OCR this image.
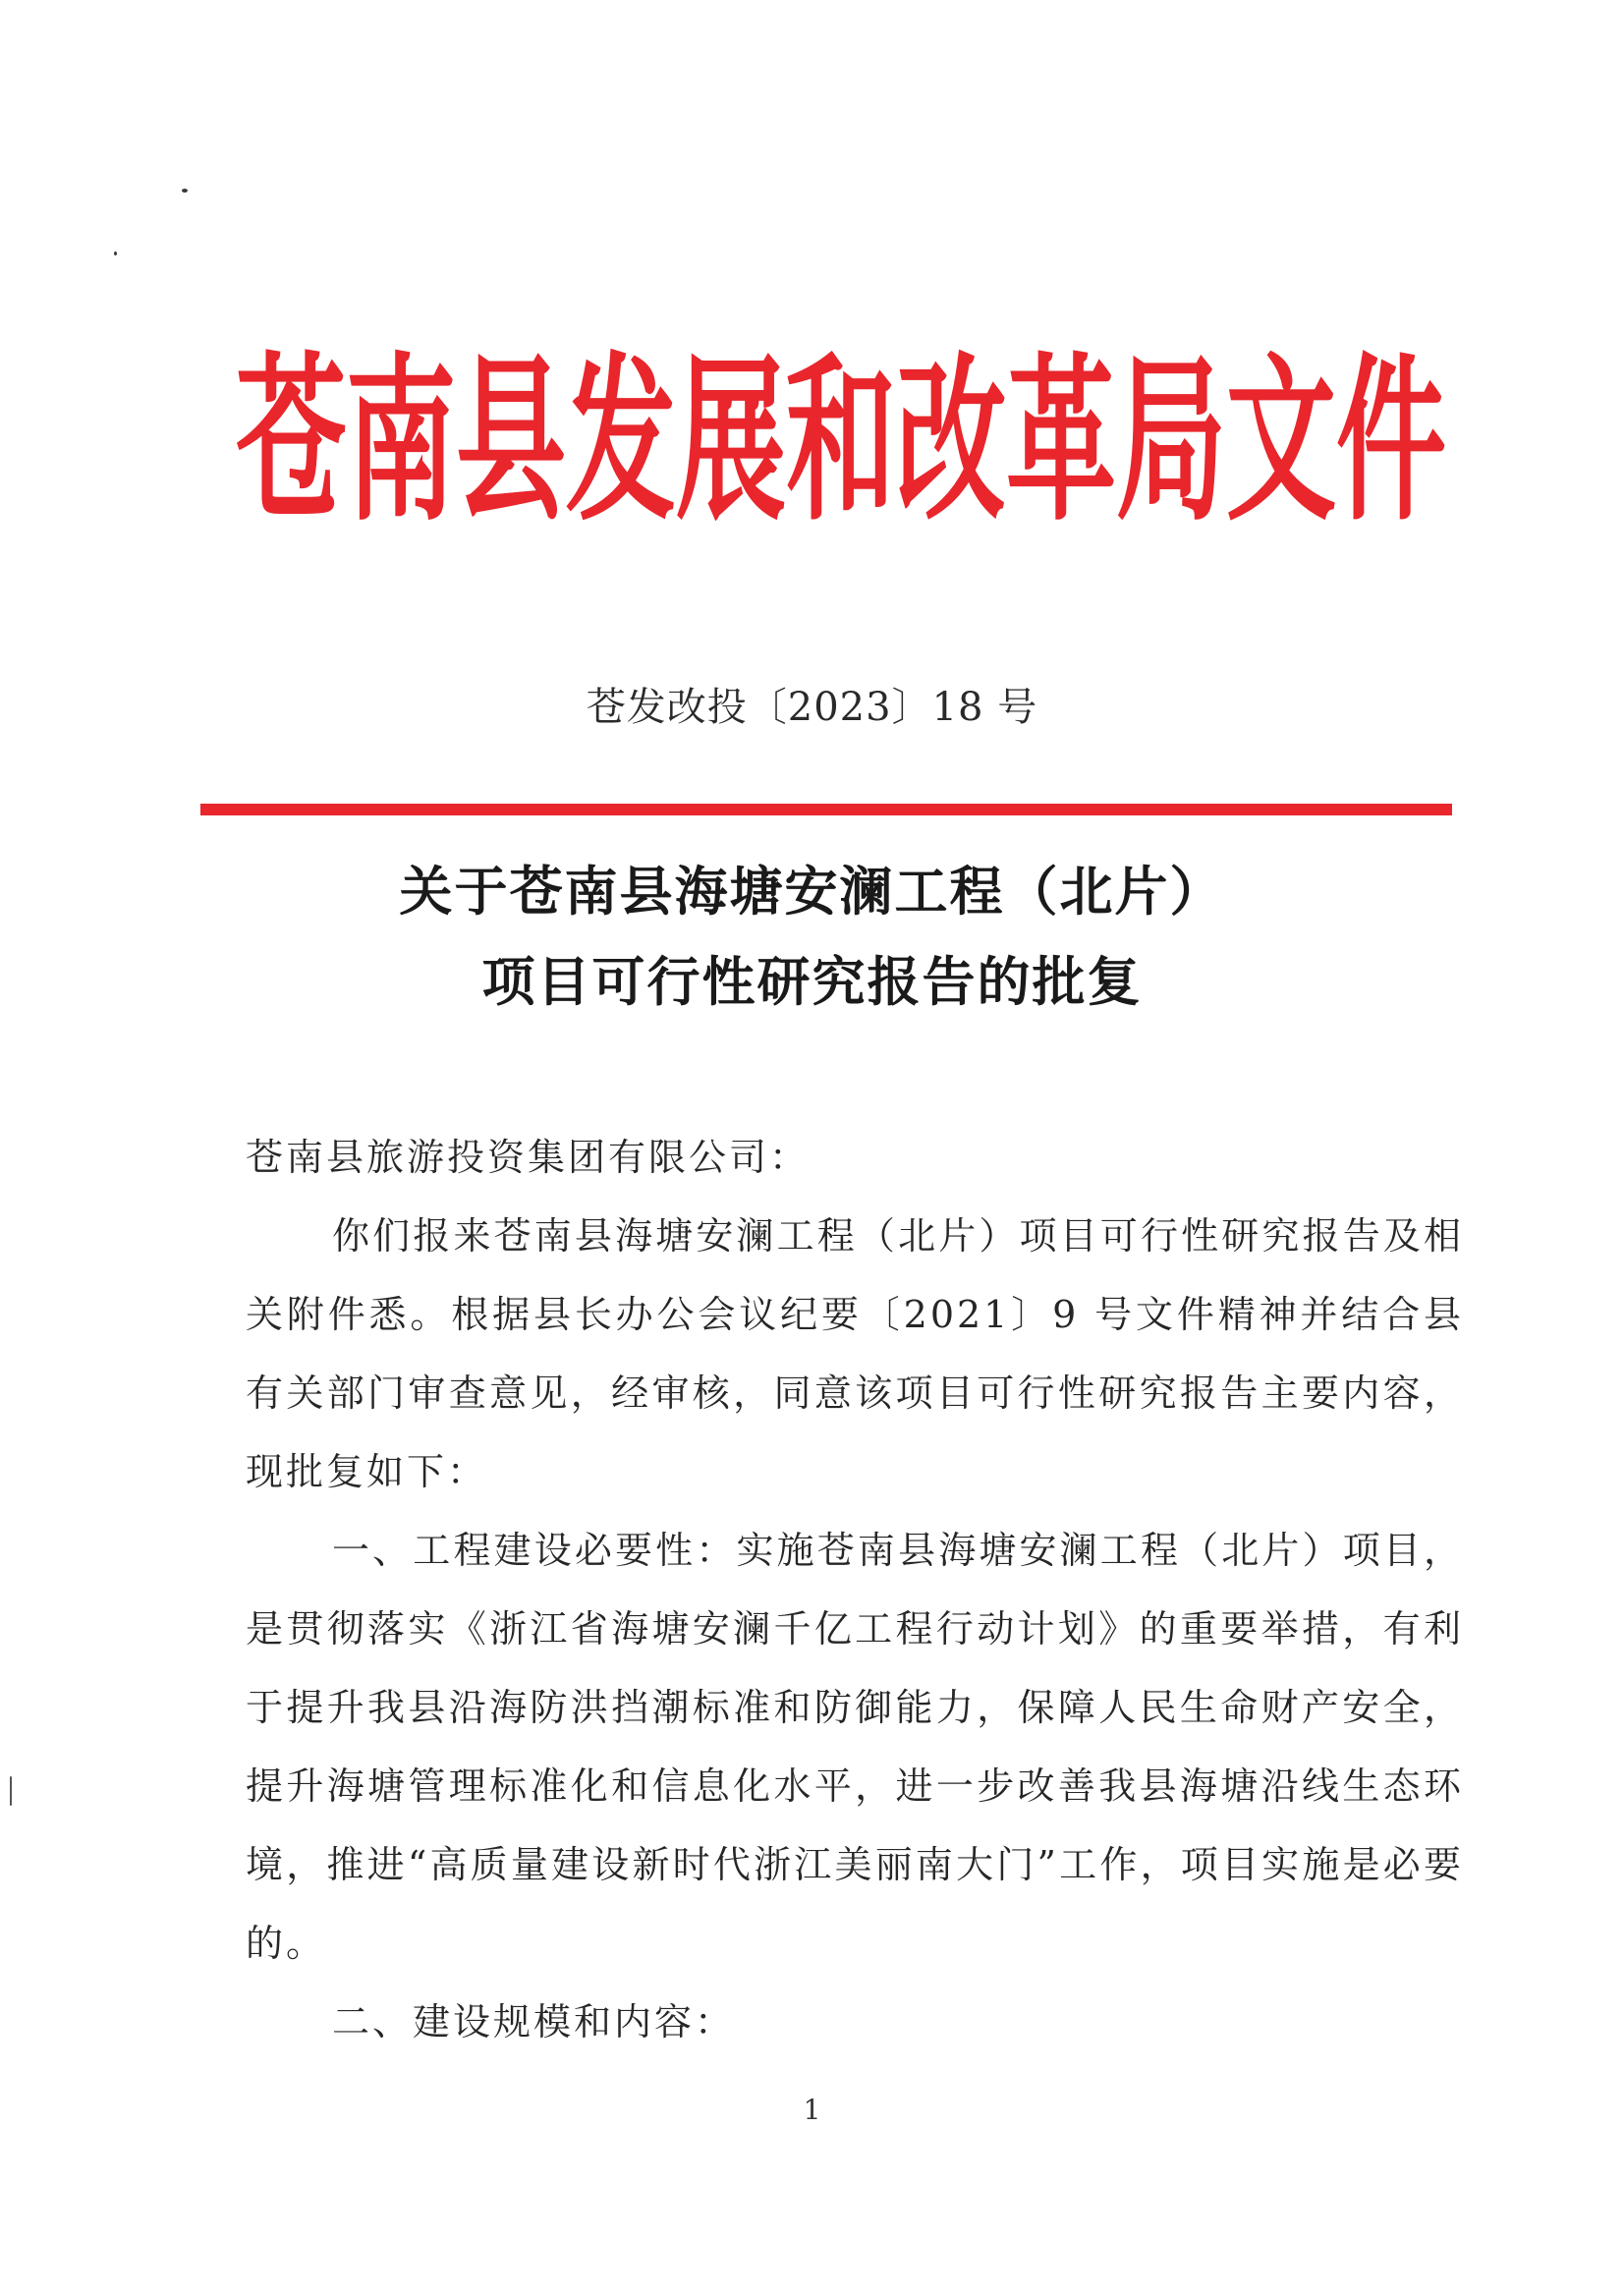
苍 南 县 发 展 和 改 革 局 文 件
苍发改投〔2023〕18 号
关于苍南县海塘安澜工程（北片）
项目可行性研究报告的批复
苍南县旅游投资集团有限公司：

你们报来苍南县海塘安澜工程（北片）项目可行性研究报告及相关附件悉。根据县长办公会议纪要〔2021〕9 号文件精神并结合县有关部门审查意见，经审核，同意该项目可行性研究报告主要内容，现批复如下：

一、工程建设必要性：实施苍南县海塘安澜工程（北片）项目，是贯彻落实《浙江省海塘安澜千亿工程行动计划》的重要举措，有利于提升我县沿海防洪挡潮标准和防御能力，保障人民生命财产安全，提升海塘管理标准化和信息化水平，进一步改善我县海塘沿线生态环境，推进“高质量建设新时代浙江美丽南大门”工作，项目实施是必要的。

二、建设规模和内容：

1
